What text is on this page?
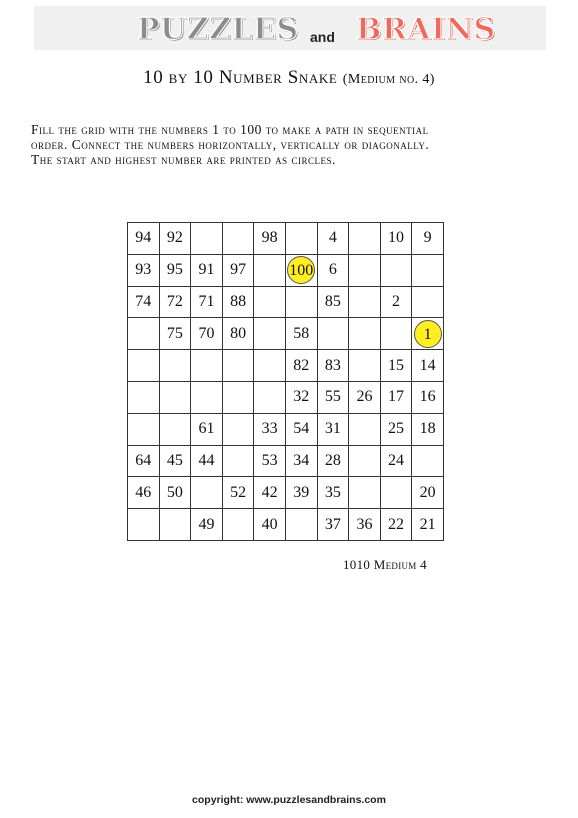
PUZZLES and BRAINS
10 by 10 Number Snake (Medium no. 4)
Fill the grid with the numbers 1 to 100 to make a path in sequential
order. Connect the numbers horizontally, vertically or diagonally.
The start and highest number are printed as circles.
94	92			98		4		10	9
93	95	91	97		100	6			
74	72	71	88			85		2	
	75	70	80		58				1
					82	83		15	14
					32	55	26	17	16
		61		33	54	31		25	18
64	45	44		53	34	28		24	
46	50		52	42	39	35			20
		49		40		37	36	22	21
1010 Medium 4
copyright: www.puzzlesandbrains.com
